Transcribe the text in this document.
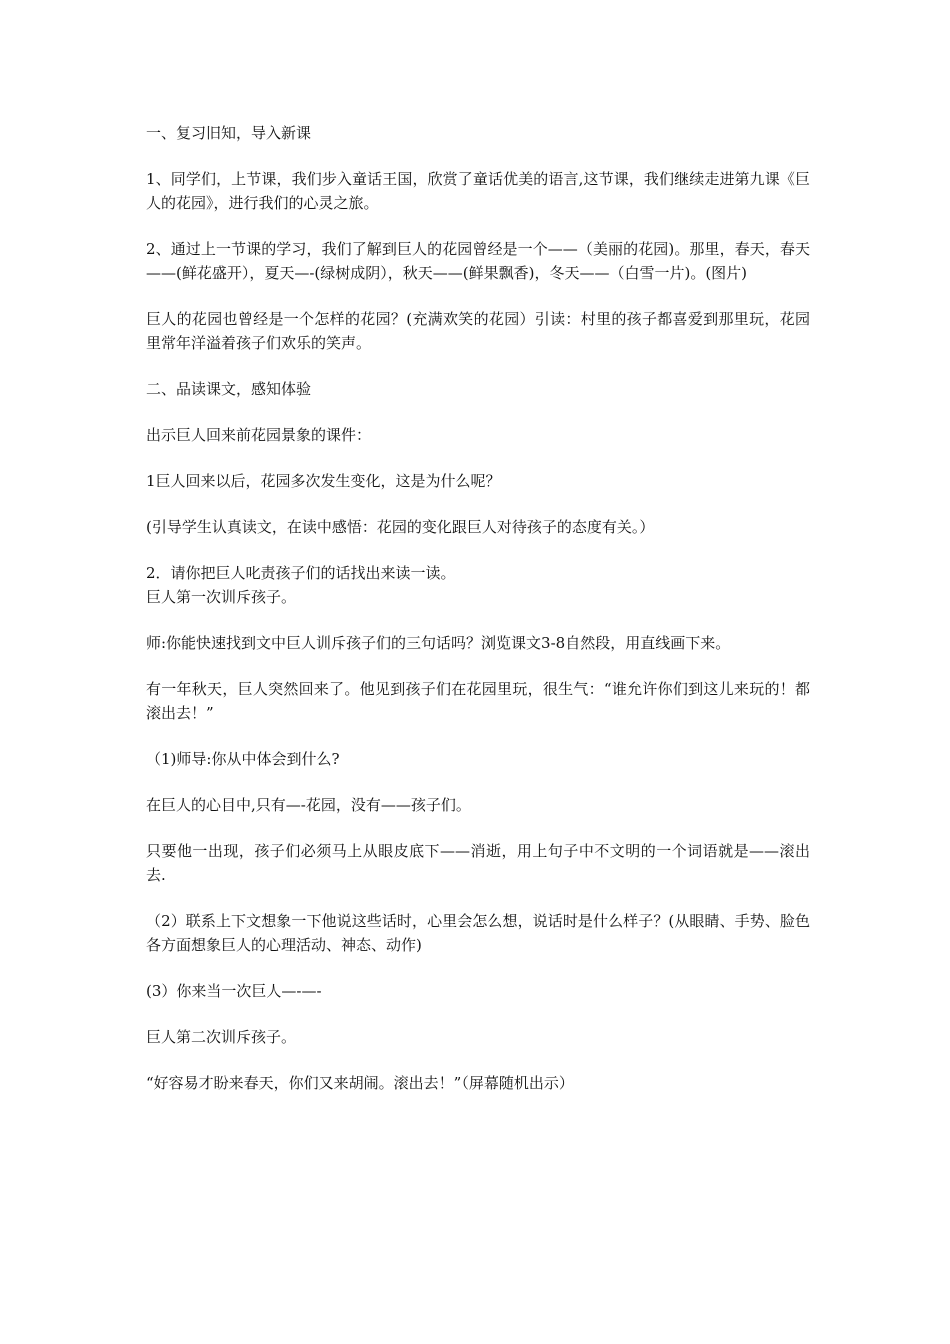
一、复习旧知，导入新课

1、同学们，上节课，我们步入童话王国，欣赏了童话优美的语言,这节课，我们继续走进第九课《巨人的花园》，进行我们的心灵之旅。

2、通过上一节课的学习，我们了解到巨人的花园曾经是一个——（美丽的花园)。那里，春天，春天——(鲜花盛开），夏天—-(绿树成阴），秋天——(鲜果飘香)，冬天——（白雪一片)。(图片)

巨人的花园也曾经是一个怎样的花园？(充满欢笑的花园）引读：村里的孩子都喜爱到那里玩，花园里常年洋溢着孩子们欢乐的笑声。

二、品读课文，感知体验

出示巨人回来前花园景象的课件：

1巨人回来以后，花园多次发生变化，这是为什么呢？

(引导学生认真读文，在读中感悟：花园的变化跟巨人对待孩子的态度有关。）

2．请你把巨人叱责孩子们的话找出来读一读。

巨人第一次训斥孩子。

师:你能快速找到文中巨人训斥孩子们的三句话吗？浏览课文3-8自然段，用直线画下来。

有一年秋天，巨人突然回来了。他见到孩子们在花园里玩，很生气：“谁允许你们到这儿来玩的！都滚出去！”

（1)师导:你从中体会到什么?

在巨人的心目中,只有—-花园，没有——孩子们。

只要他一出现，孩子们必须马上从眼皮底下——消逝，用上句子中不文明的一个词语就是——滚出去.

（2）联系上下文想象一下他说这些话时，心里会怎么想，说话时是什么样子？(从眼睛、手势、脸色各方面想象巨人的心理活动、神态、动作)

(3）你来当一次巨人—-—-

巨人第二次训斥孩子。

“好容易才盼来春天，你们又来胡闹。滚出去！”（屏幕随机出示）
